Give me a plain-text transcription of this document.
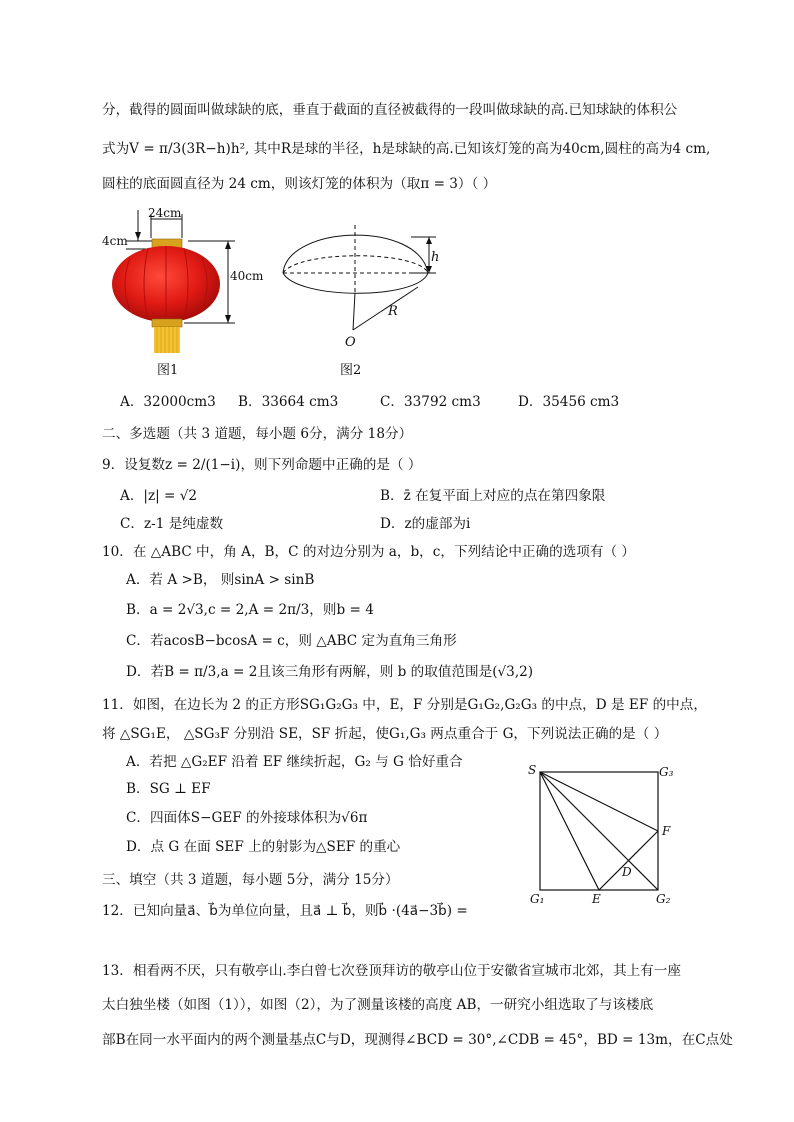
分，截得的圆面叫做球缺的底，垂直于截面的直径被截得的一段叫做球缺的高.已知球缺的体积公
式为V = π/3(3R−h)h², 其中R是球的半径，h是球缺的高.已知该灯笼的高为40cm,圆柱的高为4 cm,
圆柱的底面圆直径为 24 cm，则该灯笼的体积为（取π = 3）（ ）
24cm
4cm
40cm
图1
h
R
O
图2
A．32000cm3 B．33664 cm3	C．33792 cm3	D．35456 cm3
二、多选题（共 3 道题，每小题 6分，满分 18分）
9．设复数z = 2/(1−i)，则下列命题中正确的是（ ）
A．|z| = √2	B．z̄ 在复平面上对应的点在第四象限
C．z-1 是纯虚数	D．z的虚部为i
10．在 △ABC 中，角 A，B，C 的对边分别为 a，b，c，下列结论中正确的选项有（ ）
A．若 A >B， 则sinA > sinB
B．a = 2√3,c = 2,A = 2π/3，则b = 4
C．若acosB−bcosA = c，则 △ABC 定为直角三角形
D．若B = π/3,a = 2且该三角形有两解，则 b 的取值范围是(√3,2)
11．如图，在边长为 2 的正方形SG₁G₂G₃ 中，E，F 分别是G₁G₂,G₂G₃ 的中点，D 是 EF 的中点，
将 △SG₁E， △SG₃F 分别沿 SE，SF 折起，使G₁,G₃ 两点重合于 G，下列说法正确的是（ ）
A．若把 △G₂EF 沿着 EF 继续折起，G₂ 与 G 恰好重合
B．SG ⊥ EF
C．四面体S−GEF 的外接球体积为√6π
D．点 G 在面 SEF 上的射影为△SEF 的重心
S	G₃
F
D
G₁	E	G₂
三、填空（共 3 道题，每小题 5分，满分 15分）
12．已知向量a⃗、b⃗为单位向量，且a⃗ ⊥ b⃗，则b⃗ ·(4a⃗−3b⃗) =
13．相看两不厌，只有敬亭山.李白曾七次登顶拜访的敬亭山位于安徽省宣城市北郊，其上有一座
太白独坐楼（如图（1）），如图（2），为了测量该楼的高度 AB，一研究小组选取了与该楼底
部B在同一水平面内的两个测量基点C与D，现测得∠BCD = 30°,∠CDB = 45°，BD = 13m，在C点处
